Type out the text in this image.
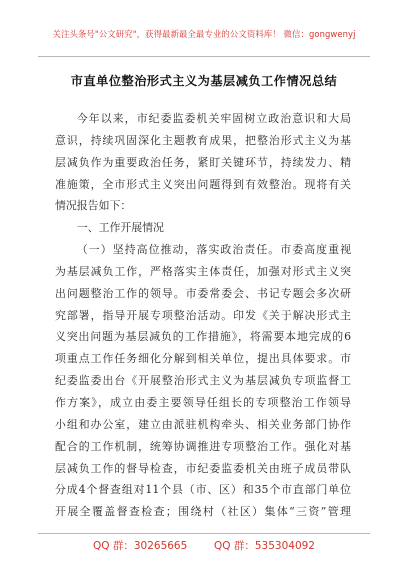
关注头条号"公文研究"，获得最新最全最专业的公文资料库！ 微信：gongwenyj
市直单位整治形式主义为基层减负工作情况总结
今年以来，市纪委监委机关牢固树立政治意识和大局
意识，持续巩固深化主题教育成果，把整治形式主义为基
层减负作为重要政治任务，紧盯关键环节，持续发力、精
准施策，全市形式主义突出问题得到有效整治。现将有关
情况报告如下：
一、工作开展情况
（一）坚持高位推动，落实政治责任。市委高度重视
为基层减负工作，严格落实主体责任，加强对形式主义突
出问题整治工作的领导。市委常委会、书记专题会多次研
究部署，指导开展专项整治活动。印发《关于解决形式主
义突出问题为基层减负的工作措施》，将需要本地完成的6
项重点工作任务细化分解到相关单位，提出具体要求。市
纪委监委出台《开展整治形式主义为基层减负专项监督工
作方案》，成立由委主要领导任组长的专项整治工作领导
小组和办公室，建立由派驻机构牵头、相关业务部门协作
配合的工作机制，统筹协调推进专项整治工作。强化对基
层减负工作的督导检查，市纪委监委机关由班子成员带队
分成4个督查组对11个县（市、区）和35个市直部门单位
开展全覆盖督查检查；围绕村（社区）集体“三资”管理
QQ 群：30265665        QQ 群：535304092
